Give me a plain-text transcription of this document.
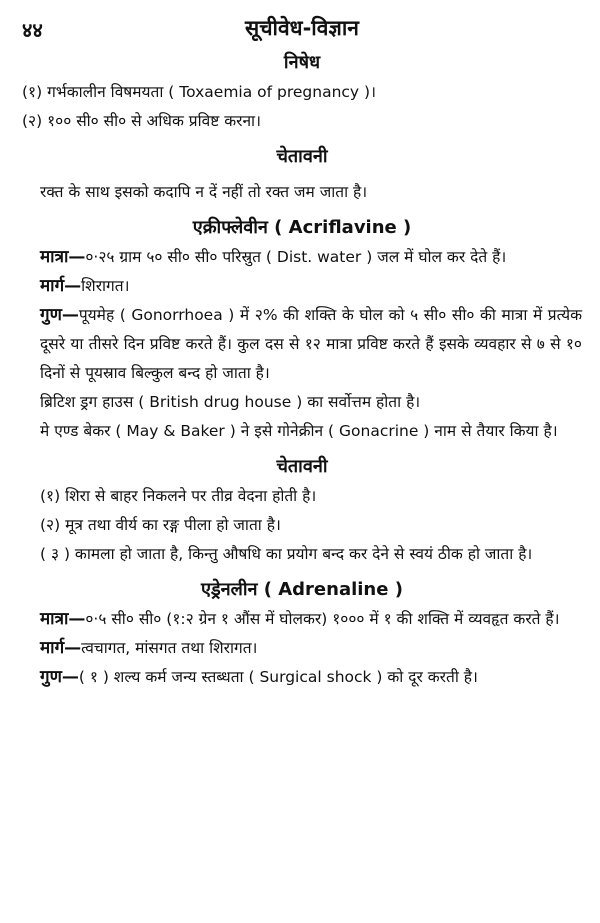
४४	सूचीवेध-विज्ञान
निषेध

(१) गर्भकालीन विषमयता ( Toxaemia of pregnancy )।

(२) १०० सी० सी० से अधिक प्रविष्ट करना।

चेतावनी

रक्त के साथ इसको कदापि न दें नहीं तो रक्त जम जाता है।

एक्रीफ्लेवीन ( Acriflavine )

मात्रा—०·२५ ग्राम ५० सी० सी० परिस्रुत ( Dist. water ) जल में घोल कर देते हैं।

मार्ग—शिरागत।

गुण—पूयमेह ( Gonorrhoea ) में २% की शक्ति के घोल को ५ सी० सी० की मात्रा में प्रत्येक दूसरे या तीसरे दिन प्रविष्ट करते हैं। कुल दस से १२ मात्रा प्रविष्ट करते हैं इसके व्यवहार से ७ से १० दिनों से पूयस्राव बिल्कुल बन्द हो जाता है।

ब्रिटिश ड्रग हाउस ( British drug house ) का सर्वोत्तम होता है।

मे एण्ड बेकर ( May & Baker ) ने इसे गोनेक्रीन ( Gonacrine ) नाम से तैयार किया है।

चेतावनी

(१) शिरा से बाहर निकलने पर तीव्र वेदना होती है।

(२) मूत्र तथा वीर्य का रङ्ग पीला हो जाता है।

( ३ ) कामला हो जाता है, किन्तु औषधि का प्रयोग बन्द कर देने से स्वयं ठीक हो जाता है।

एड्रेनलीन ( Adrenaline )

मात्रा—०·५ सी० सी० (१:२ ग्रेन १ औंस में घोलकर) १००० में १ की शक्ति में व्यवहृत करते हैं।

मार्ग—त्वचागत, मांसगत तथा शिरागत।

गुण—( १ ) शल्य कर्म जन्य स्तब्धता ( Surgical shock ) को दूर करती है।
